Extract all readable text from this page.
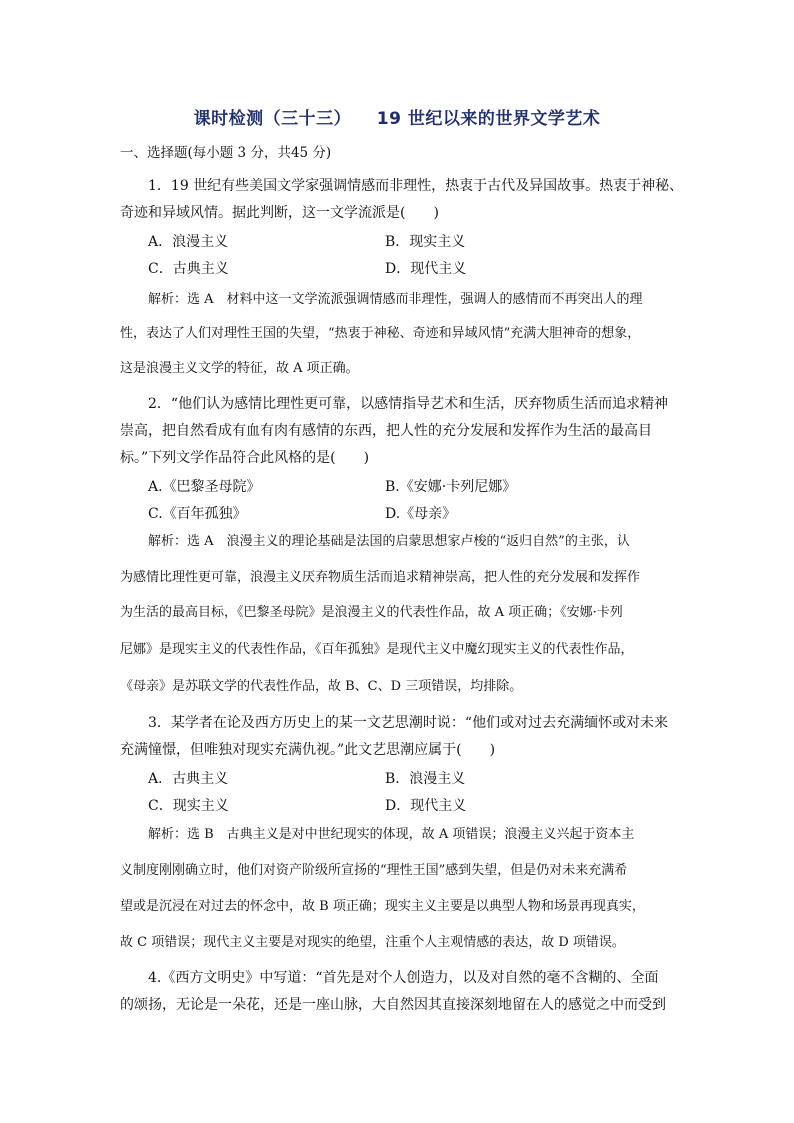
课时检测（三十三）    19 世纪以来的世界文学艺术
一、选择题(每小题 3 分，共45 分)
1．19 世纪有些美国文学家强调情感而非理性，热衷于古代及异国故事。热衷于神秘、
奇迹和异域风情。据此判断，这一文学流派是(　　)
A．浪漫主义	B．现实主义
C．古典主义	D．现代主义
解析：选 A　材料中这一文学流派强调情感而非理性，强调人的感情而不再突出人的理
性，表达了人们对理性王国的失望，“热衷于神秘、奇迹和异域风情”充满大胆神奇的想象，
这是浪漫主义文学的特征，故 A 项正确。
2．“他们认为感情比理性更可靠，以感情指导艺术和生活，厌弃物质生活而追求精神
崇高，把自然看成有血有肉有感情的东西，把人性的充分发展和发挥作为生活的最高目
标。”下列文学作品符合此风格的是(　　)
A.《巴黎圣母院》	B.《安娜·卡列尼娜》
C.《百年孤独》	D.《母亲》
解析：选 A　浪漫主义的理论基础是法国的启蒙思想家卢梭的“返归自然”的主张，认
为感情比理性更可靠，浪漫主义厌弃物质生活而追求精神崇高，把人性的充分发展和发挥作
为生活的最高目标，《巴黎圣母院》是浪漫主义的代表性作品，故 A 项正确；《安娜·卡列
尼娜》是现实主义的代表性作品，《百年孤独》是现代主义中魔幻现实主义的代表性作品，
《母亲》是苏联文学的代表性作品，故 B、C、D 三项错误，均排除。
3．某学者在论及西方历史上的某一文艺思潮时说：“他们或对过去充满缅怀或对未来
充满憧憬，但唯独对现实充满仇视。”此文艺思潮应属于(　　)
A．古典主义	B．浪漫主义
C．现实主义	D．现代主义
解析：选 B　古典主义是对中世纪现实的体现，故 A 项错误；浪漫主义兴起于资本主
义制度刚刚确立时，他们对资产阶级所宣扬的“理性王国”感到失望，但是仍对未来充满希
望或是沉浸在对过去的怀念中，故 B 项正确；现实主义主要是以典型人物和场景再现真实，
故 C 项错误；现代主义主要是对现实的绝望，注重个人主观情感的表达，故 D 项错误。
4.《西方文明史》中写道：“首先是对个人创造力，以及对自然的毫不含糊的、全面
的颂扬，无论是一朵花，还是一座山脉，大自然因其直接深刻地留在人的感觉之中而受到
